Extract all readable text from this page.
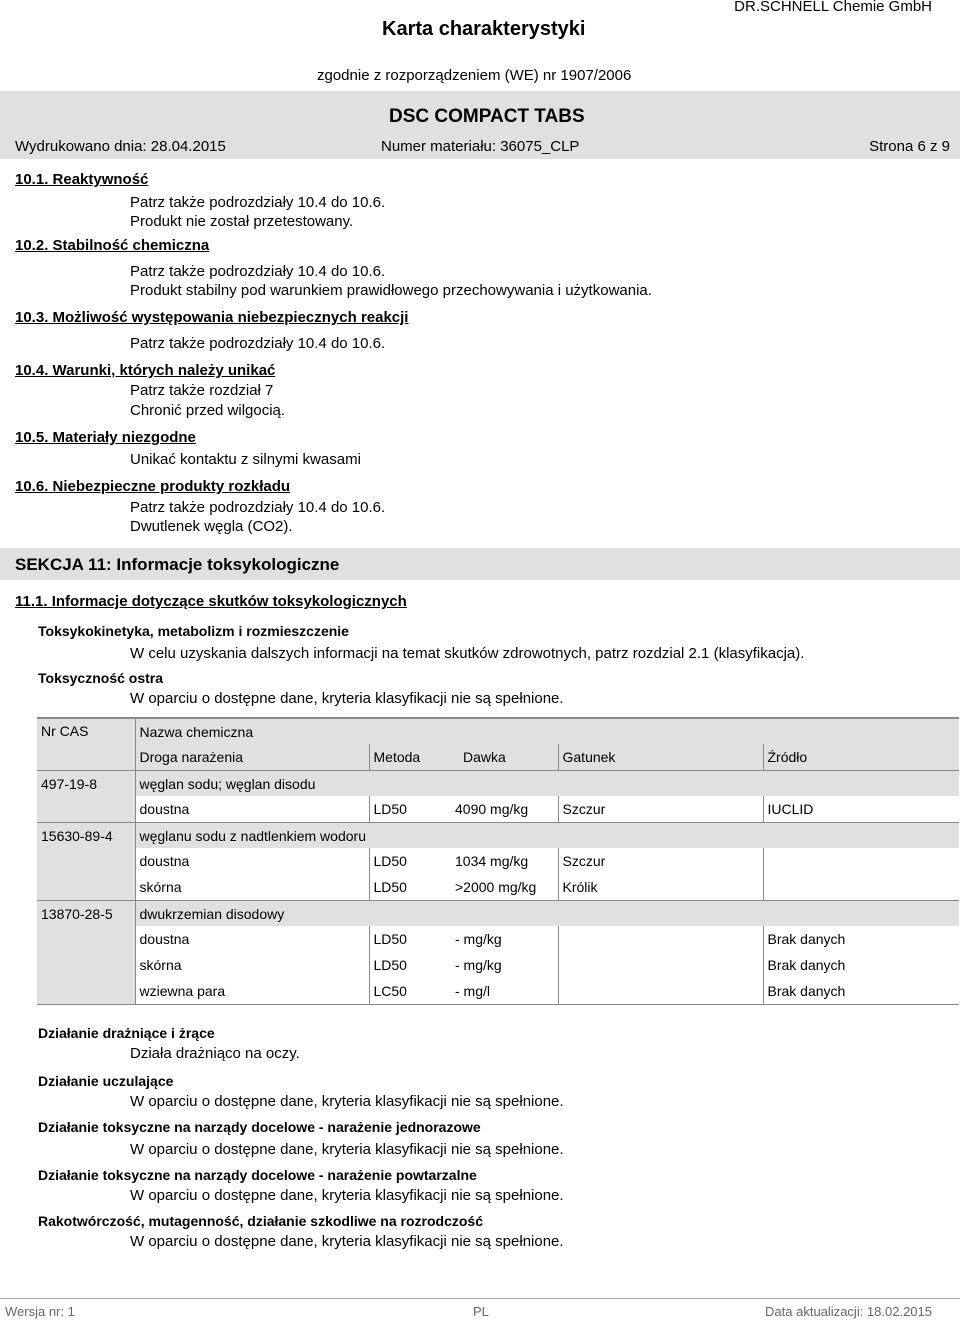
Karta charakterystyki
DR.SCHNELL Chemie GmbH
zgodnie z rozporządzeniem (WE) nr 1907/2006
DSC COMPACT TABS
Wydrukowano dnia: 28.04.2015	Numer materiału: 36075_CLP	Strona 6 z 9
10.1. Reaktywność
Patrz także podrozdziały 10.4 do 10.6.
Produkt nie został przetestowany.
10.2. Stabilność chemiczna
Patrz także podrozdziały 10.4 do 10.6.
Produkt stabilny pod warunkiem prawidłowego przechowywania i użytkowania.
10.3. Możliwość występowania niebezpiecznych reakcji
Patrz także podrozdziały 10.4 do 10.6.
10.4. Warunki, których należy unikać
Patrz także rozdział 7
Chronić przed wilgocią.
10.5. Materiały niezgodne
Unikać kontaktu z silnymi kwasami
10.6. Niebezpieczne produkty rozkładu
Patrz także podrozdziały 10.4 do 10.6.
Dwutlenek węgla (CO2).
SEKCJA 11: Informacje toksykologiczne
11.1. Informacje dotyczące skutków toksykologicznych
Toksykokinetyka, metabolizm i rozmieszczenie
W celu uzyskania dalszych informacji na temat skutków zdrowotnych, patrz rozdzial 2.1 (klasyfikacja).
Toksyczność ostra
W oparciu o dostępne dane, kryteria klasyfikacji nie są spełnione.
Nr CAS	Nazwa chemiczna				
	Droga narażenia	Metoda	Dawka	Gatunek	Źródło
497-19-8	węglan sodu; węglan disodu				
	doustna	LD50	4090 mg/kg	Szczur	IUCLID
15630-89-4	węglanu sodu z nadtlenkiem wodoru				
	doustna	LD50	1034 mg/kg	Szczur	
	skórna	LD50	>2000 mg/kg	Królik	
13870-28-5	dwukrzemian disodowy				
	doustna	LD50	- mg/kg		Brak danych
	skórna	LD50	- mg/kg		Brak danych
	wziewna para	LC50	- mg/l		Brak danych
Działanie drażniące i żrące
Działa drażniąco na oczy.
Działanie uczulające
W oparciu o dostępne dane, kryteria klasyfikacji nie są spełnione.
Działanie toksyczne na narządy docelowe - narażenie jednorazowe
W oparciu o dostępne dane, kryteria klasyfikacji nie są spełnione.
Działanie toksyczne na narządy docelowe - narażenie powtarzalne
W oparciu o dostępne dane, kryteria klasyfikacji nie są spełnione.
Rakotwórczość, mutagenność, działanie szkodliwe na rozrodczość
W oparciu o dostępne dane, kryteria klasyfikacji nie są spełnione.
Wersja nr: 1	PL	Data aktualizacji: 18.02.2015
